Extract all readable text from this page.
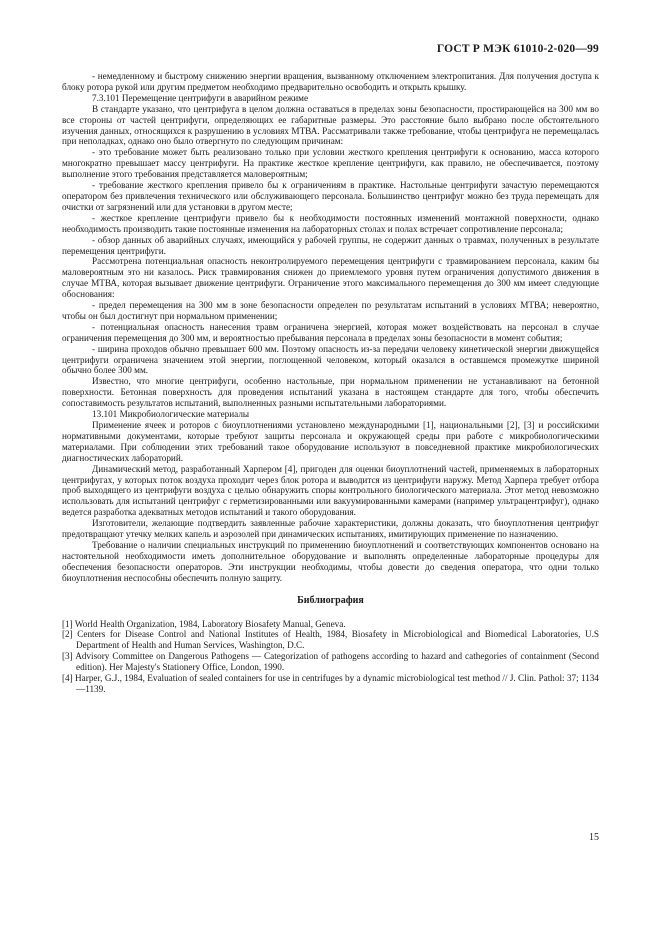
ГОСТ Р МЭК 61010-2-020—99

- немедленному и быстрому снижению энергии вращения, вызванному отключением электропитания. Для получения доступа к блоку ротора рукой или другим предметом необходимо предварительно освободить и открыть крышку.

7.3.101 Перемещение центрифуги в аварийном режиме

В стандарте указано, что центрифуга в целом должна оставаться в пределах зоны безопасности, простирающейся на 300 мм во все стороны от частей центрифуги, определяющих ее габаритные размеры. Это расстояние было выбрано после обстоятельного изучения данных, относящихся к разрушению в условиях МТВА. Рассматривали также требование, чтобы центрифуга не перемещалась при неполадках, однако оно было отвергнуто по следующим причинам:

- это требование может быть реализовано только при условии жесткого крепления центрифуги к основанию, масса которого многократно превышает массу центрифуги. На практике жесткое крепление центрифуги, как правило, не обеспечивается, поэтому выполнение этого требования представляется маловероятным;

- требование жесткого крепления привело бы к ограничениям в практике. Настольные центрифуги зачастую перемещаются оператором без привлечения технического или обслуживающего персонала. Большинство центрифуг можно без труда перемещать для очистки от загрязнений или для установки в другом месте;

- жесткое крепление центрифуги привело бы к необходимости постоянных изменений монтажной поверхности, однако необходимость производить такие постоянные изменения на лабораторных столах и полах встречает сопротивление персонала;

- обзор данных об аварийных случаях, имеющийся у рабочей группы, не содержит данных о травмах, полученных в результате перемещения центрифуги.

Рассмотрена потенциальная опасность неконтролируемого перемещения центрифуги с травмированием персонала, каким бы маловероятным это ни казалось. Риск травмирования снижен до приемлемого уровня путем ограничения допустимого движения в случае МТВА, которая вызывает движение центрифуги. Ограничение этого максимального перемещения до 300 мм имеет следующие обоснования:

- предел перемещения на 300 мм в зоне безопасности определен по результатам испытаний в условиях МТВА; невероятно, чтобы он был достигнут при нормальном применении;

- потенциальная опасность нанесения травм ограничена энергией, которая может воздействовать на персонал в случае ограничения перемещения до 300 мм, и вероятностью пребывания персонала в пределах зоны безопасности в момент события;

- ширина проходов обычно превышает 600 мм. Поэтому опасность из-за передачи человеку кинетической энергии движущейся центрифуги ограничена значением этой энергии, поглощенной человеком, который оказался в оставшемся промежутке шириной обычно более 300 мм.

Известно, что многие центрифуги, особенно настольные, при нормальном применении не устанавливают на бетонной поверхности. Бетонная поверхность для проведения испытаний указана в настоящем стандарте для того, чтобы обеспечить сопоставимость результатов испытаний, выполненных разными испытательными лабораториями.

13.101 Микробиологические материалы

Применение ячеек и роторов с биоуплотнениями установлено международными [1], национальными [2], [3] и российскими нормативными документами, которые требуют защиты персонала и окружающей среды при работе с микробиологическими материалами. При соблюдении этих требований такое оборудование используют в повседневной практике микробиологических диагностических лабораторий.

Динамический метод, разработанный Харпером [4], пригоден для оценки биоуплотнений частей, применяемых в лабораторных центрифугах, у которых поток воздуха проходит через блок ротора и выводится из центрифуги наружу. Метод Харпера требует отбора проб выходящего из центрифуги воздуха с целью обнаружить споры контрольного биологического материала. Этот метод невозможно использовать для испытаний центрифуг с герметизированными или вакуумированными камерами (например ультрацентрифуг), однако ведется разработка адекватных методов испытаний и такого оборудования.

Изготовители, желающие подтвердить заявленные рабочие характеристики, должны доказать, что биоуплотнения центрифуг предотвращают утечку мелких капель и аэрозолей при динамических испытаниях, имитирующих применение по назначению.

Требование о наличии специальных инструкций по применению биоуплотнений и соответствующих компонентов основано на настоятельной необходимости иметь дополнительное оборудование и выполнять определенные лабораторные процедуры для обеспечения безопасности операторов. Эти инструкции необходимы, чтобы довести до сведения оператора, что одни только биоуплотнения неспособны обеспечить полную защиту.

Библиография

[1] World Health Organization, 1984, Laboratory Biosafety Manual, Geneva.

[2] Centers for Disease Control and National Institutes of Health, 1984, Biosafety in Microbiological and Biomedical Laboratories, U.S Department of Health and Human Services, Washington, D.C.

[3] Advisory Committee on Dangerous Pathogens — Categorization of pathogens according to hazard and cathegories of containment (Second edition). Her Majesty's Stationery Office, London, 1990.

[4] Harper, G.J., 1984, Evaluation of sealed containers for use in centrifuges by a dynamic microbiological test method // J. Clin. Pathol: 37; 1134—1139.

15
